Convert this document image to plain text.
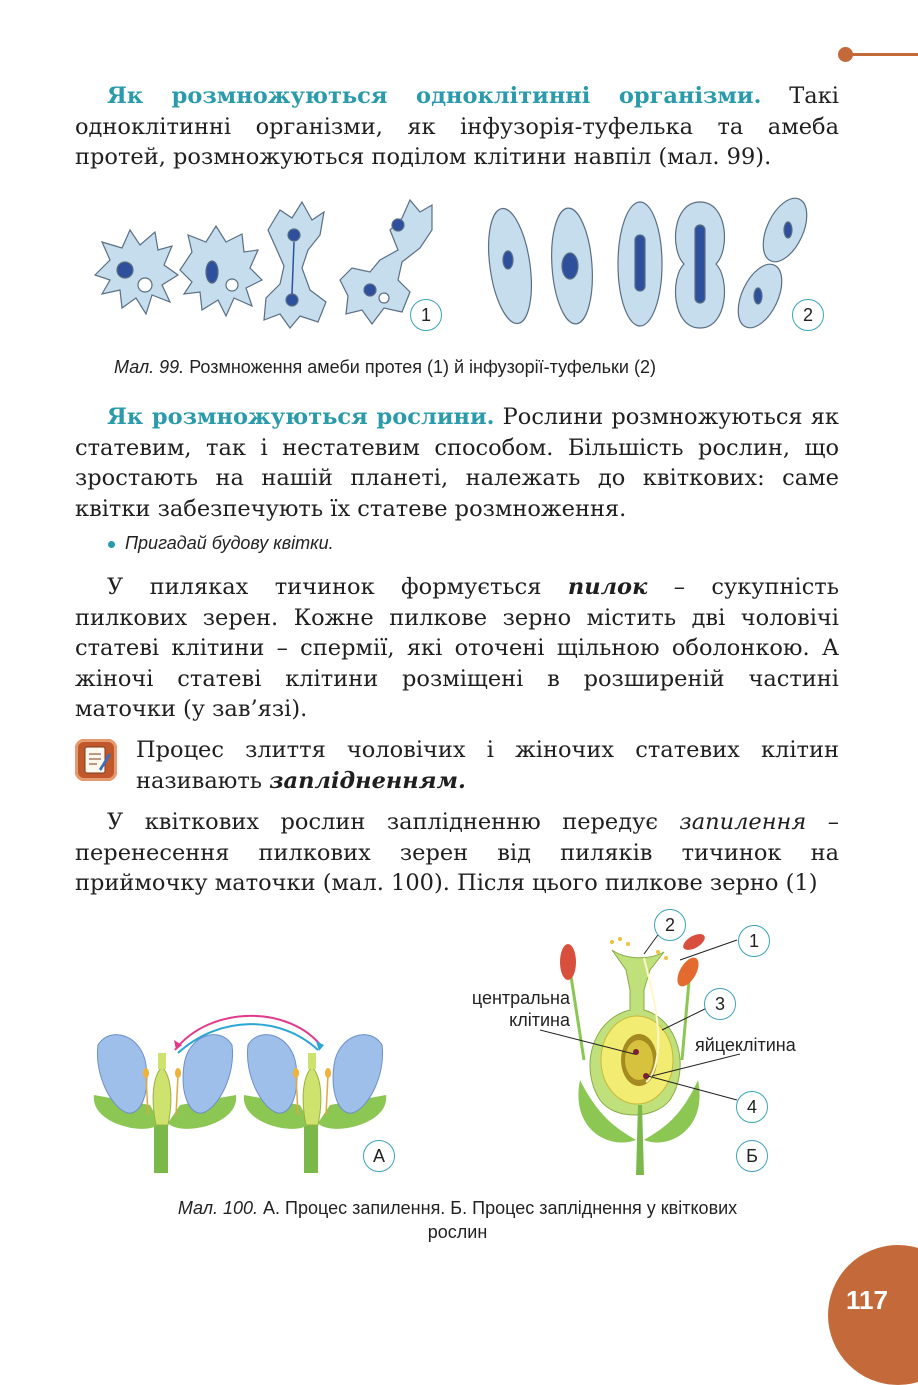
Як розмножуються одноклітинні організми. Такі одноклітинні організми, як інфузорія-туфелька та амеба протей, розмножуються поділом клітини навпіл (мал. 99).

1	2
Мал. 99. Розмноження амеби протея (1) й інфузорії-туфельки (2)

Як розмножуються рослини. Рослини розмножуються як статевим, так і нестатевим способом. Більшість рослин, що зростають на нашій планеті, належать до квіткових: саме квітки забезпечують їх статеве розмноження.

Пригадай будову квітки.

У пиляках тичинок формується пилок – сукупність пилкових зерен. Кожне пилкове зерно містить дві чоловічі статеві клітини – спермії, які оточені щільною оболонкою. А жіночі статеві клітини розміщені в розширеній частині маточки (у зав’язі).

Процес злиття чоловічих і жіночих статевих клітин називають заплідненням.

У квіткових рослин заплідненню передує запилення – перенесення пилкових зерен від пиляків тичинок на приймочку маточки (мал. 100). Після цього пилкове зерно (1)

А
2
1
3
4
Б
центральна клітина
яйцеклітина
Мал. 100. А. Процес запилення. Б. Процес запліднення у квіткових
рослин
117
